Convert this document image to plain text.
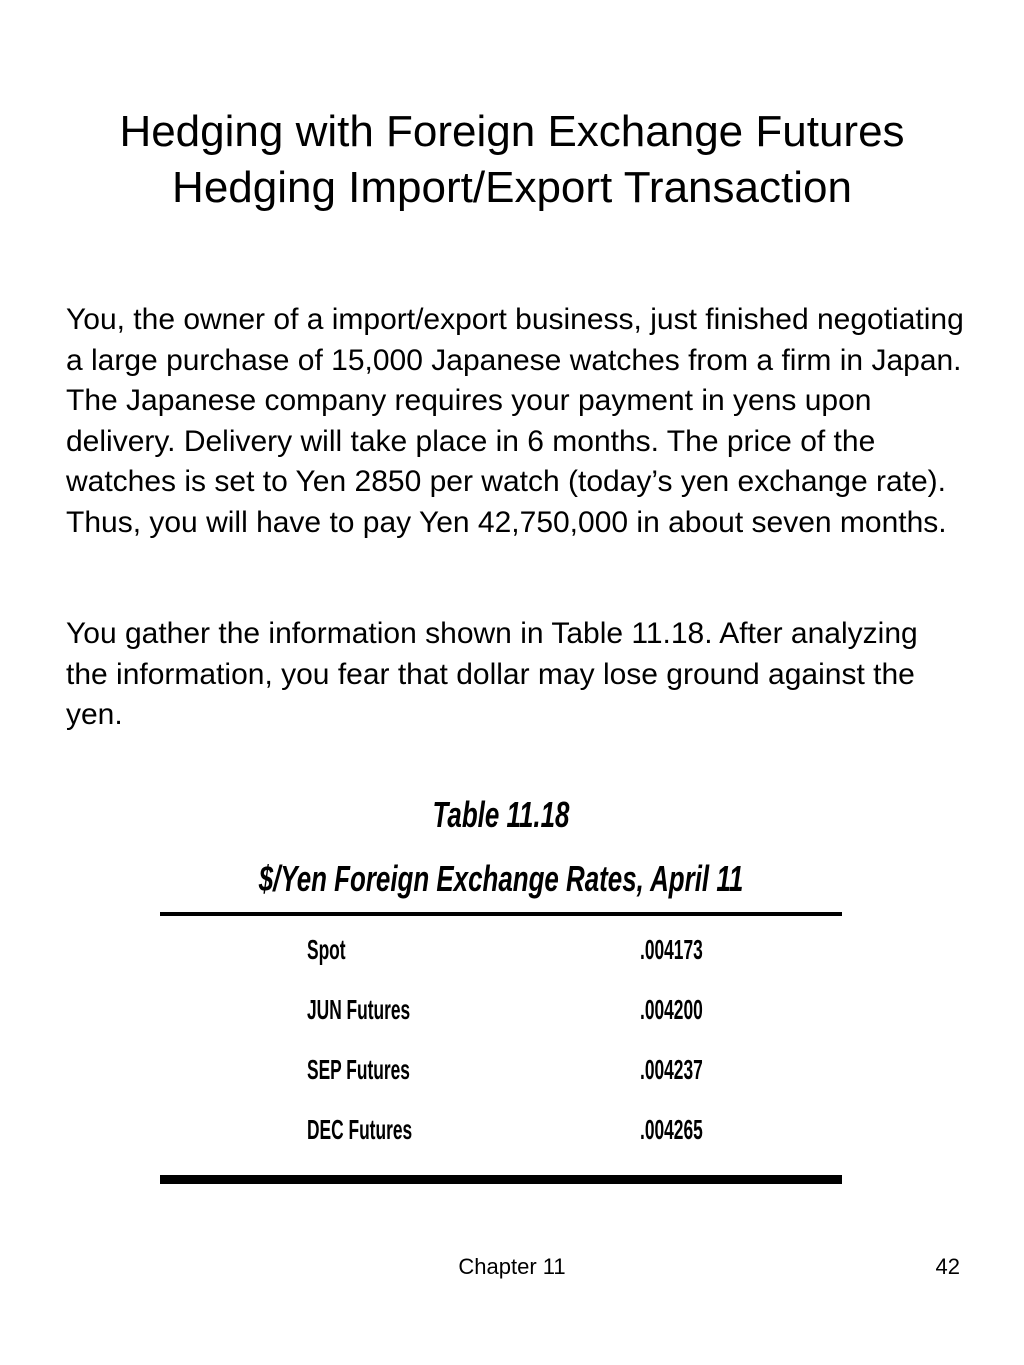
Hedging with Foreign Exchange Futures
Hedging Import/Export Transaction

You, the owner of a import/export business, just finished negotiating a large purchase of 15,000 Japanese watches from a firm in Japan. The Japanese company requires your payment in yens upon delivery. Delivery will take place in 6 months. The price of the watches is set to Yen 2850 per watch (today’s yen exchange rate). Thus, you will have to pay Yen 42,750,000 in about seven months.

You gather the information shown in Table 11.18. After analyzing the information, you fear that dollar may lose ground against the yen.

Table 11.18
$/Yen Foreign Exchange Rates, April 11
Spot	.004173
JUN Futures	.004200
SEP Futures	.004237
DEC Futures	.004265
Chapter 11	42
